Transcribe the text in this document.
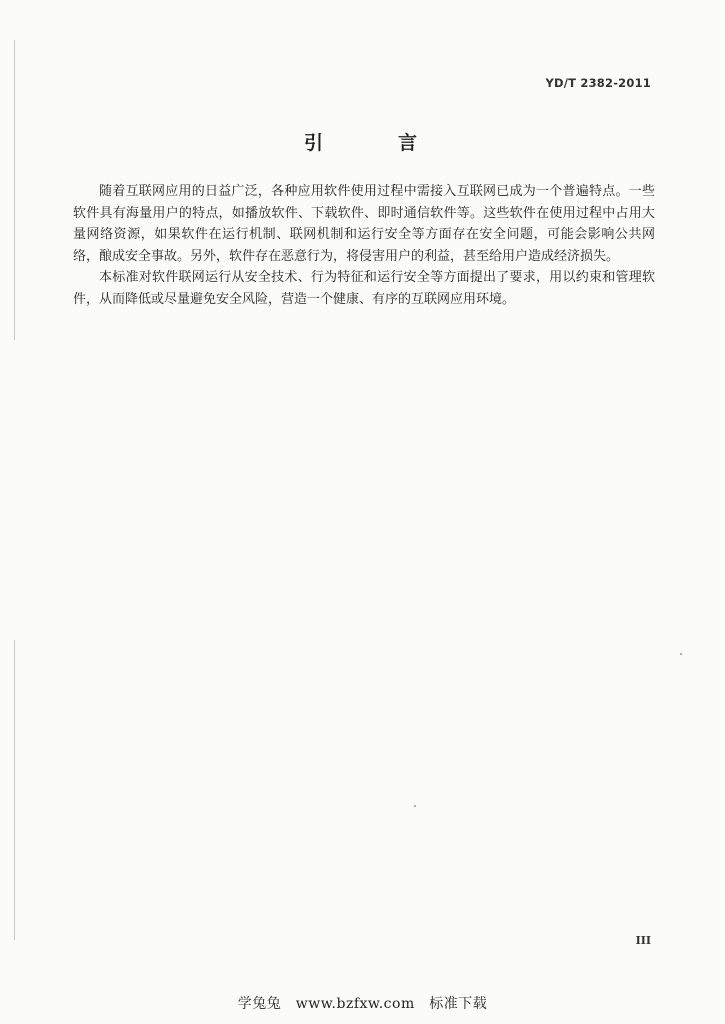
YD/T 2382-2011
引　言

随着互联网应用的日益广泛，各种应用软件使用过程中需接入互联网已成为一个普遍特点。一些软件具有海量用户的特点，如播放软件、下载软件、即时通信软件等。这些软件在使用过程中占用大量网络资源，如果软件在运行机制、联网机制和运行安全等方面存在安全问题，可能会影响公共网络，酿成安全事故。另外，软件存在恶意行为，将侵害用户的利益，甚至给用户造成经济损失。

本标准对软件联网运行从安全技术、行为特征和运行安全等方面提出了要求，用以约束和管理软件，从而降低或尽量避免安全风险，营造一个健康、有序的互联网应用环境。

III
学兔兔　www.bzfxw.com　标准下载
